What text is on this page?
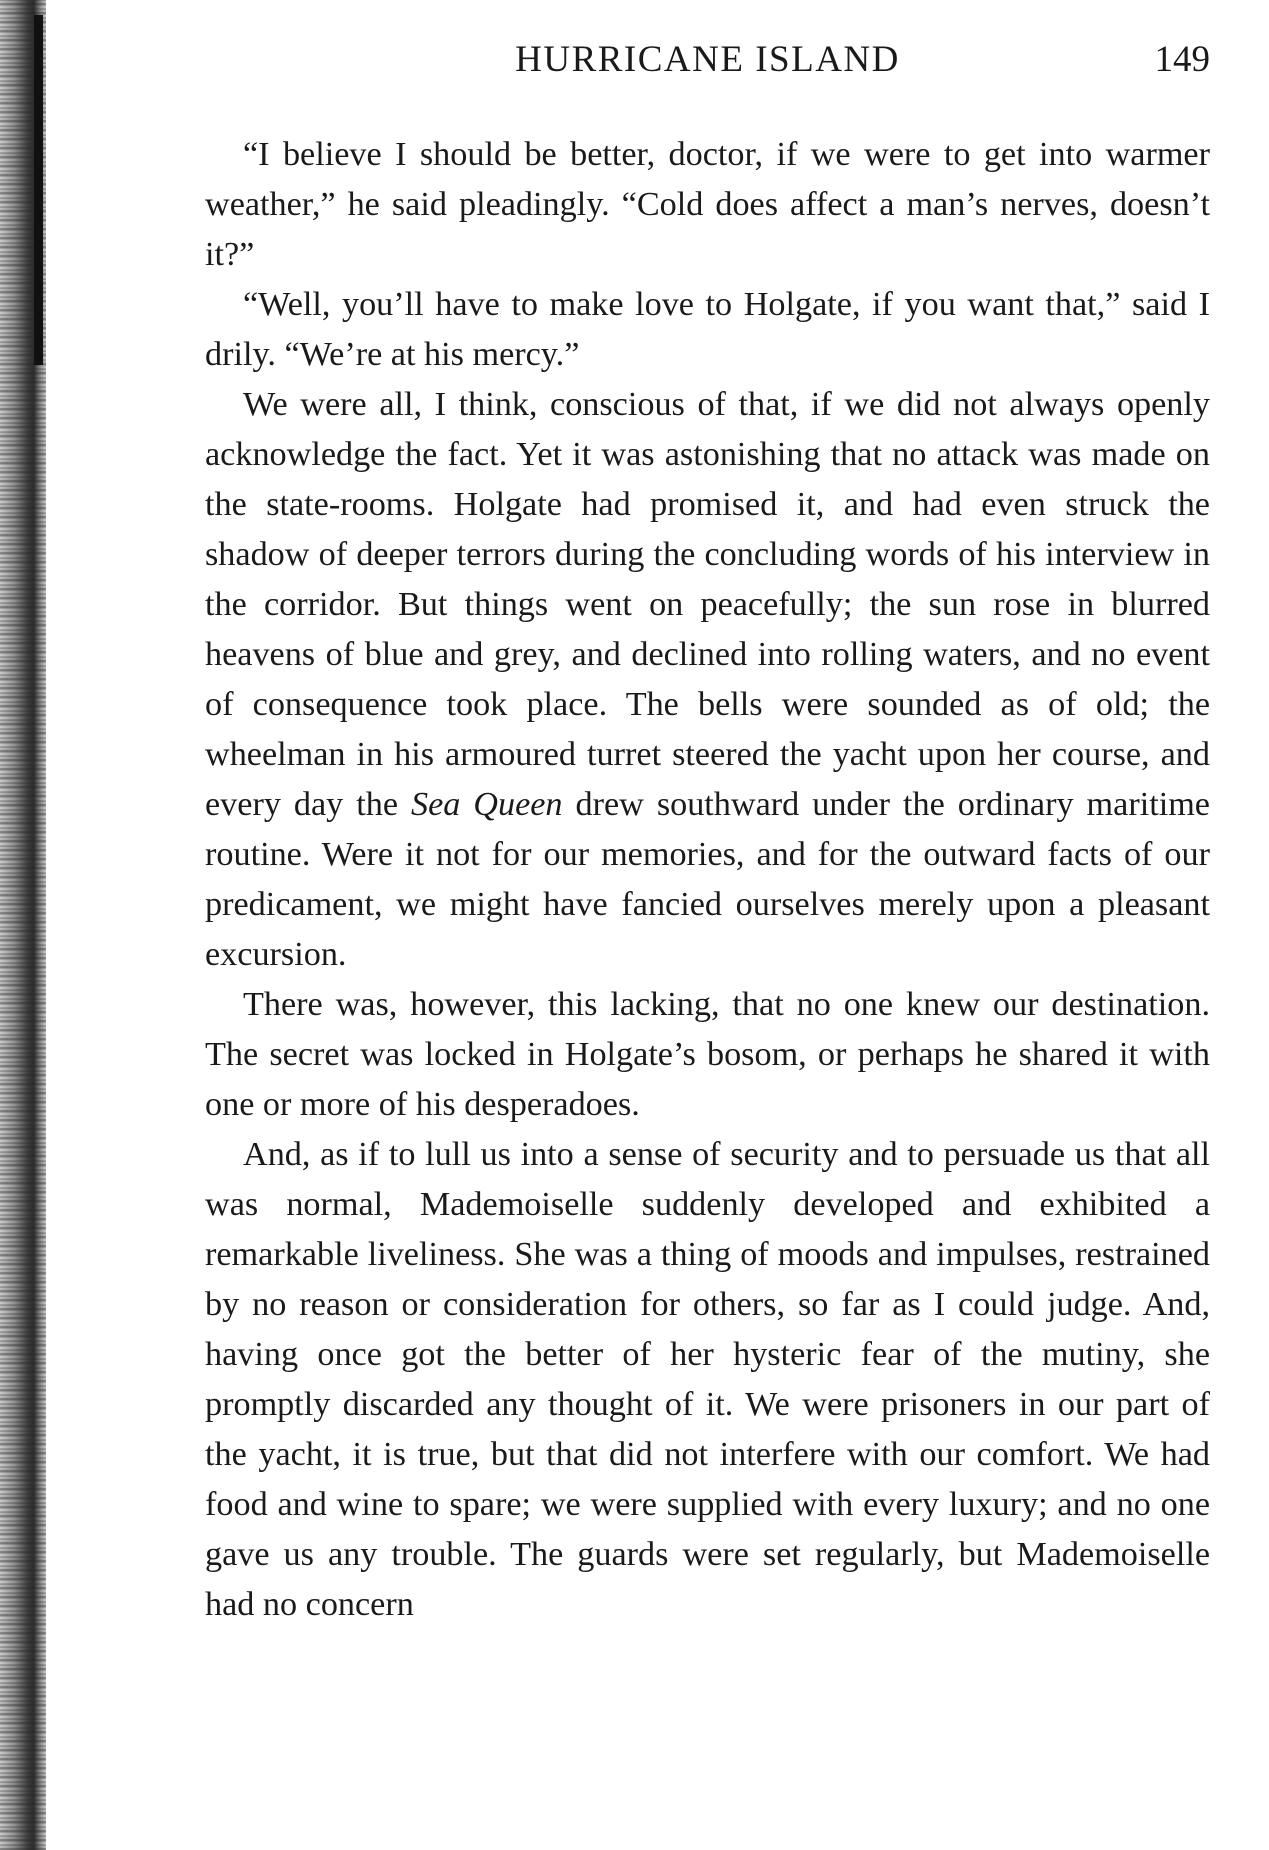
HURRICANE ISLAND	149

“I believe I should be better, doctor, if we were to get into warmer weather,” he said pleadingly. “Cold does affect a man’s nerves, doesn’t it?”

“Well, you’ll have to make love to Holgate, if you want that,” said I drily. “We’re at his mercy.”

We were all, I think, conscious of that, if we did not always openly acknowledge the fact. Yet it was astonishing that no attack was made on the state-rooms. Holgate had promised it, and had even struck the shadow of deeper terrors during the concluding words of his interview in the corridor. But things went on peacefully; the sun rose in blurred heavens of blue and grey, and declined into rolling waters, and no event of consequence took place. The bells were sounded as of old; the wheelman in his armoured turret steered the yacht upon her course, and every day the Sea Queen drew southward under the ordinary maritime routine. Were it not for our memories, and for the outward facts of our predicament, we might have fancied ourselves merely upon a pleasant excursion.

There was, however, this lacking, that no one knew our destination. The secret was locked in Holgate’s bosom, or perhaps he shared it with one or more of his desperadoes.

And, as if to lull us into a sense of security and to persuade us that all was normal, Mademoiselle suddenly developed and exhibited a remarkable liveliness. She was a thing of moods and impulses, restrained by no reason or consideration for others, so far as I could judge. And, having once got the better of her hysteric fear of the mutiny, she promptly discarded any thought of it. We were prisoners in our part of the yacht, it is true, but that did not interfere with our comfort. We had food and wine to spare; we were supplied with every luxury; and no one gave us any trouble. The guards were set regularly, but Mademoiselle had no concern
